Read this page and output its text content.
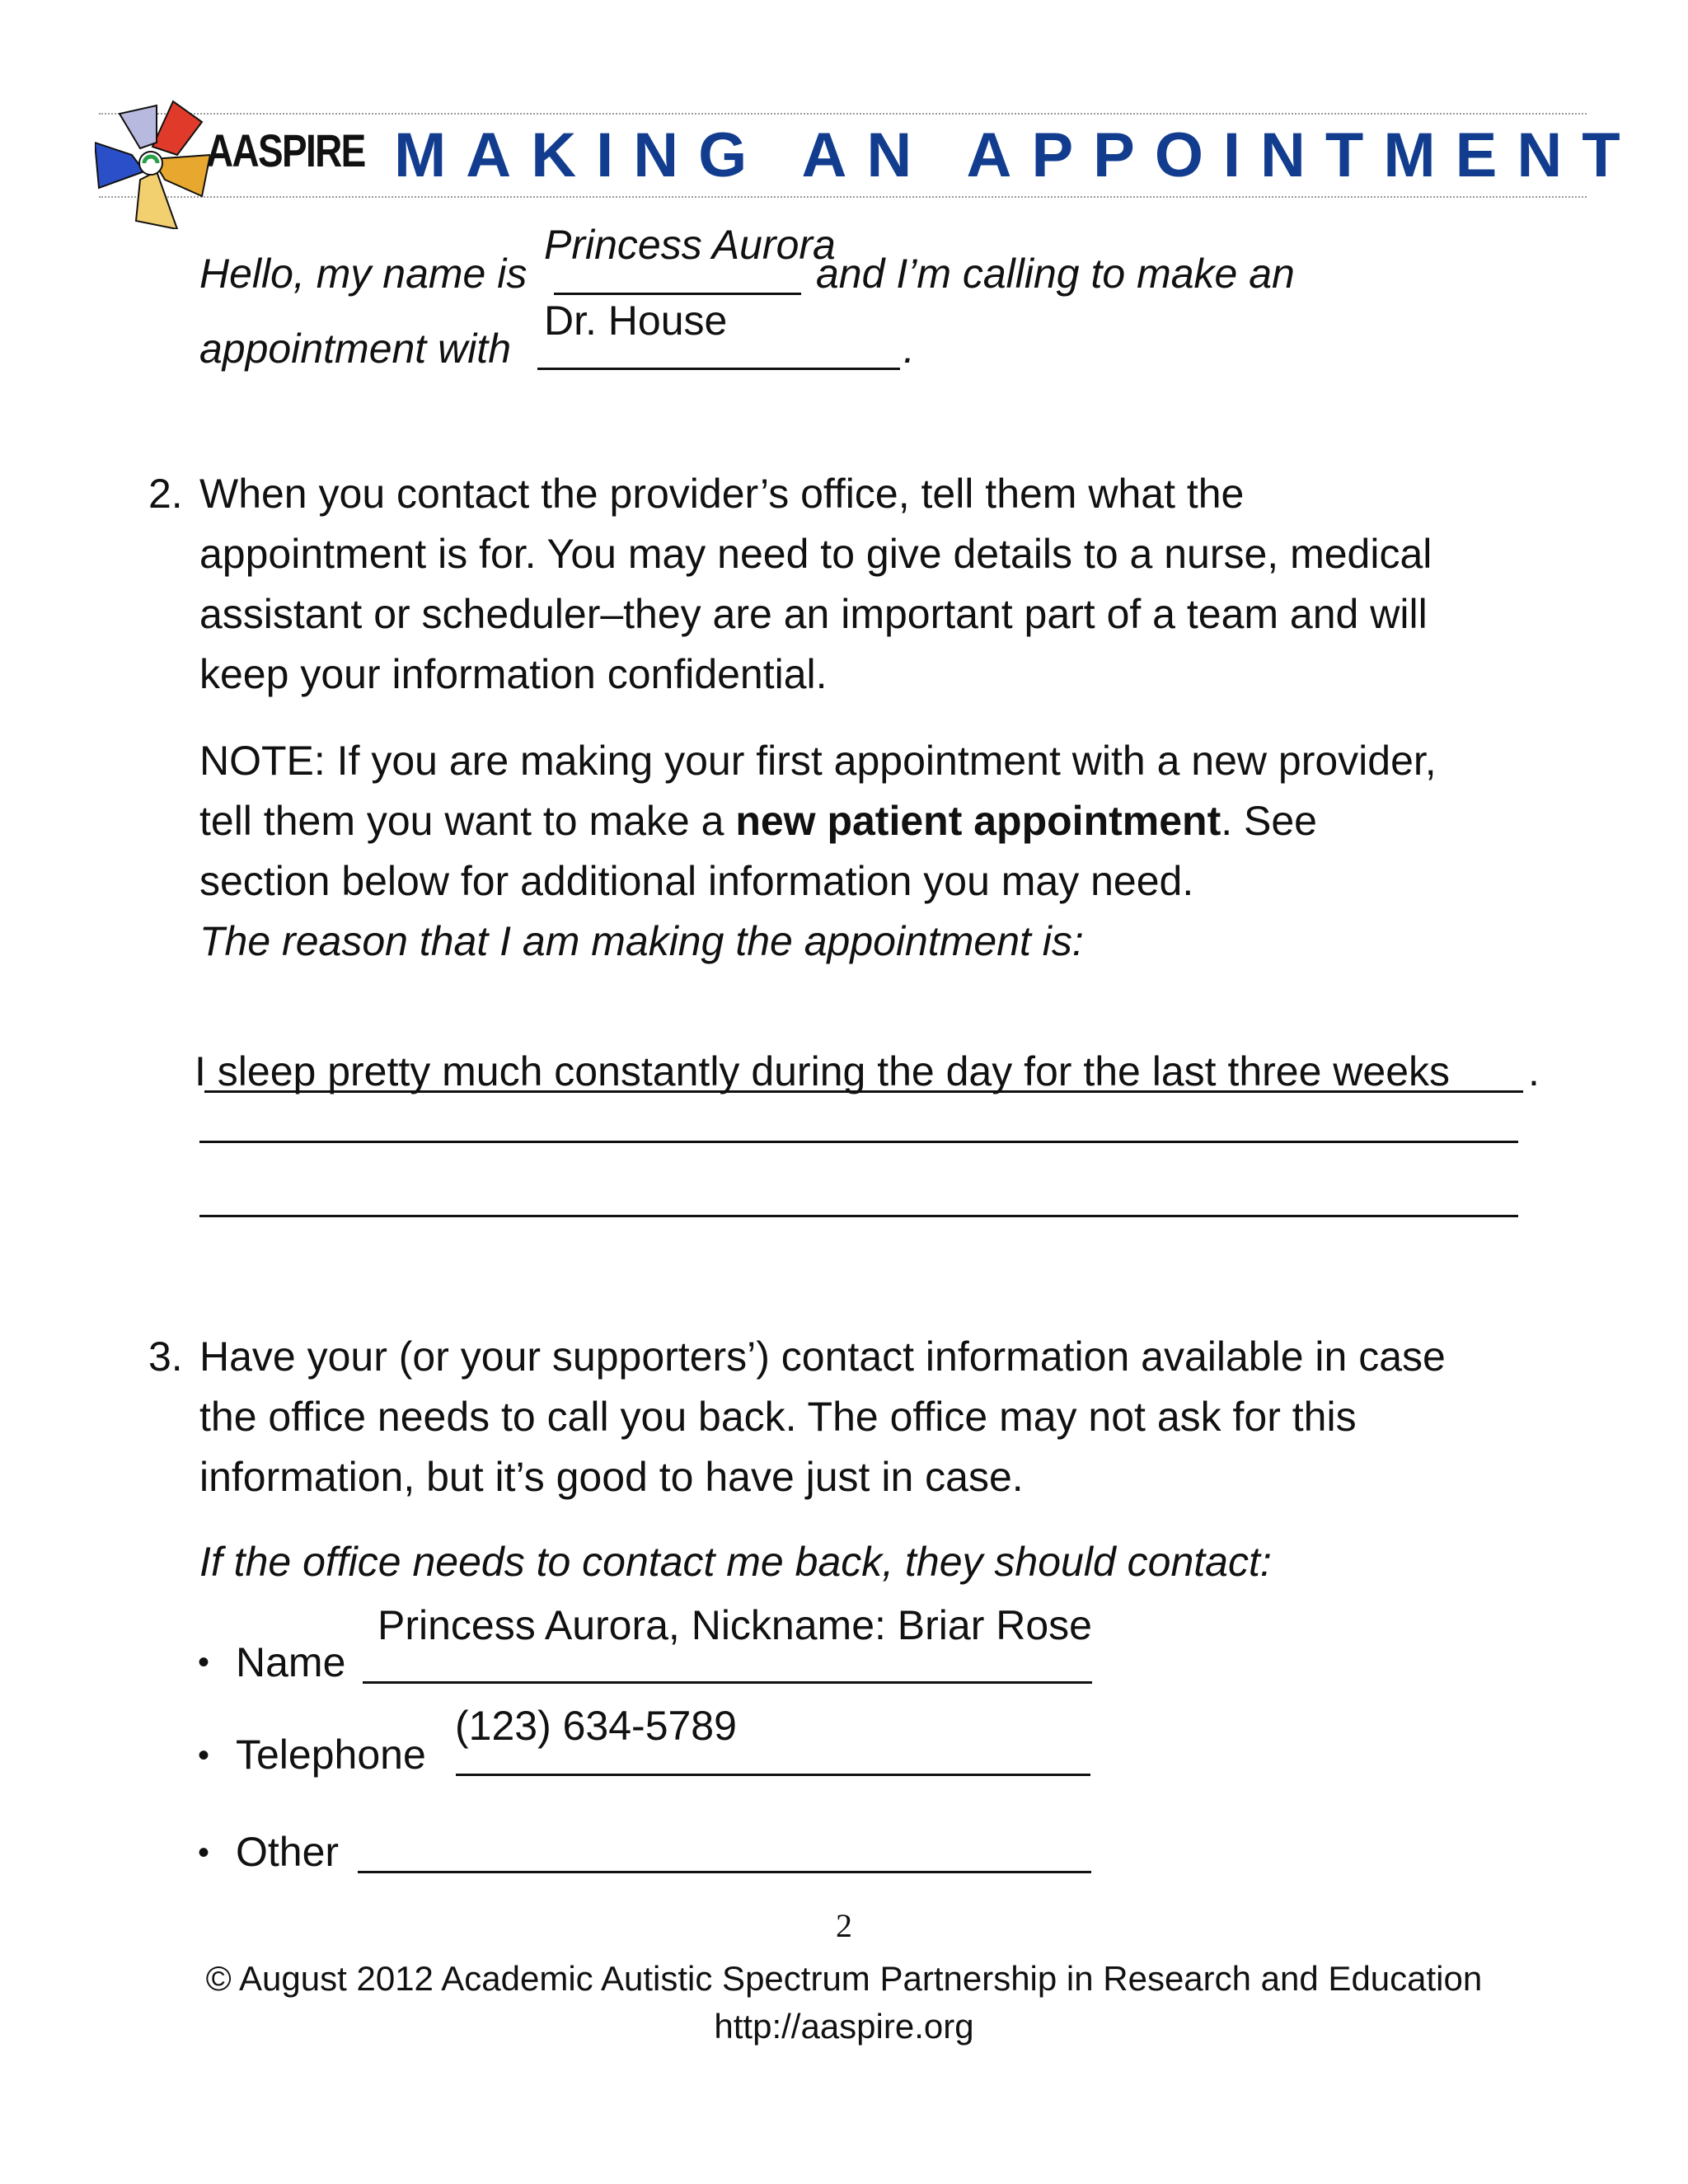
AASPIRE MAKING AN APPOINTMENT
Hello, my name is
Princess Aurora
and I’m calling to make an
appointment with
Dr. House
.
2. When you contact the provider’s office, tell them what the
appointment is for. You may need to give details to a nurse, medical
assistant or scheduler–they are an important part of a team and will
keep your information confidential.
NOTE: If you are making your first appointment with a new provider,
tell them you want to make a new patient appointment. See
section below for additional information you may need.
The reason that I am making the appointment is:
I sleep pretty much constantly during the day for the last three weeks .
3. Have your (or your supporters’) contact information available in case
the office needs to call you back. The office may not ask for this
information, but it’s good to have just in case.
If the office needs to contact me back, they should contact:
• Name
Princess Aurora, Nickname: Briar Rose
• Telephone
(123) 634-5789
• Other
2
© August 2012 Academic Autistic Spectrum Partnership in Research and Education
http://aaspire.org
